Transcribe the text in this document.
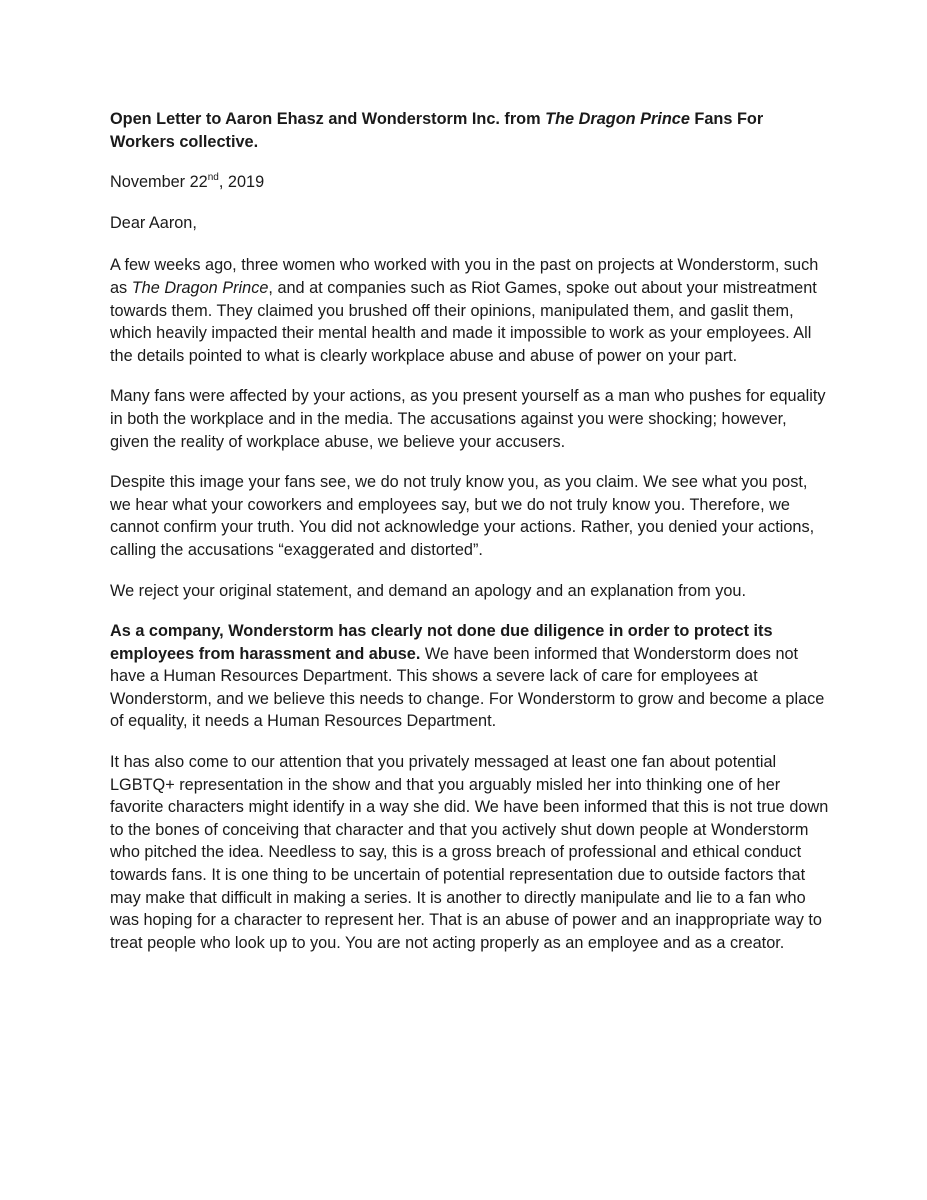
Open Letter to Aaron Ehasz and Wonderstorm Inc. from The Dragon Prince Fans For Workers collective.

November 22nd, 2019

Dear Aaron,

A few weeks ago, three women who worked with you in the past on projects at Wonderstorm, such as The Dragon Prince, and at companies such as Riot Games, spoke out about your mistreatment towards them. They claimed you brushed off their opinions, manipulated them, and gaslit them, which heavily impacted their mental health and made it impossible to work as your employees. All the details pointed to what is clearly workplace abuse and abuse of power on your part.

Many fans were affected by your actions, as you present yourself as a man who pushes for equality in both the workplace and in the media. The accusations against you were shocking; however, given the reality of workplace abuse, we believe your accusers.

Despite this image your fans see, we do not truly know you, as you claim. We see what you post, we hear what your coworkers and employees say, but we do not truly know you. Therefore, we cannot confirm your truth. You did not acknowledge your actions. Rather, you denied your actions, calling the accusations “exaggerated and distorted”.

We reject your original statement, and demand an apology and an explanation from you.

As a company, Wonderstorm has clearly not done due diligence in order to protect its employees from harassment and abuse. We have been informed that Wonderstorm does not have a Human Resources Department. This shows a severe lack of care for employees at Wonderstorm, and we believe this needs to change. For Wonderstorm to grow and become a place of equality, it needs a Human Resources Department.

It has also come to our attention that you privately messaged at least one fan about potential LGBTQ+ representation in the show and that you arguably misled her into thinking one of her favorite characters might identify in a way she did. We have been informed that this is not true down to the bones of conceiving that character and that you actively shut down people at Wonderstorm who pitched the idea. Needless to say, this is a gross breach of professional and ethical conduct towards fans. It is one thing to be uncertain of potential representation due to outside factors that may make that difficult in making a series. It is another to directly manipulate and lie to a fan who was hoping for a character to represent her. That is an abuse of power and an inappropriate way to treat people who look up to you. You are not acting properly as an employee and as a creator.
